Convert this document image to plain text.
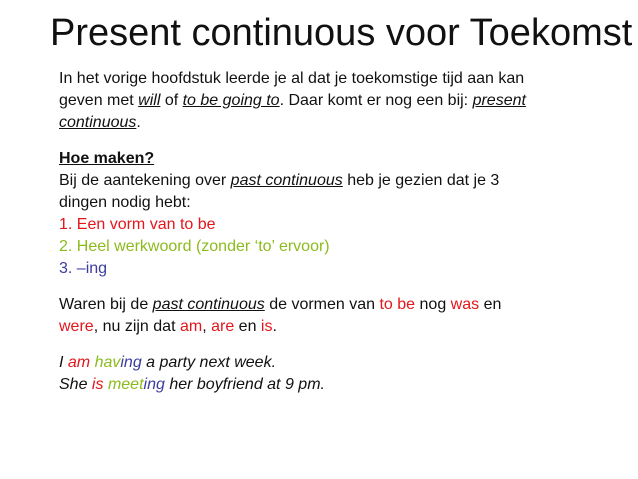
Present continuous voor Toekomst
In het vorige hoofdstuk leerde je al dat je toekomstige tijd aan kan
geven met will of to be going to. Daar komt er nog een bij: present
continuous.
Hoe maken?
Bij de aantekening over past continuous heb je gezien dat je 3
dingen nodig hebt:
1. Een vorm van to be
2. Heel werkwoord (zonder ‘to’ ervoor)
3. –ing
Waren bij de past continuous de vormen van to be nog was en
were, nu zijn dat am, are en is.
I am having a party next week.
She is meeting her boyfriend at 9 pm.
